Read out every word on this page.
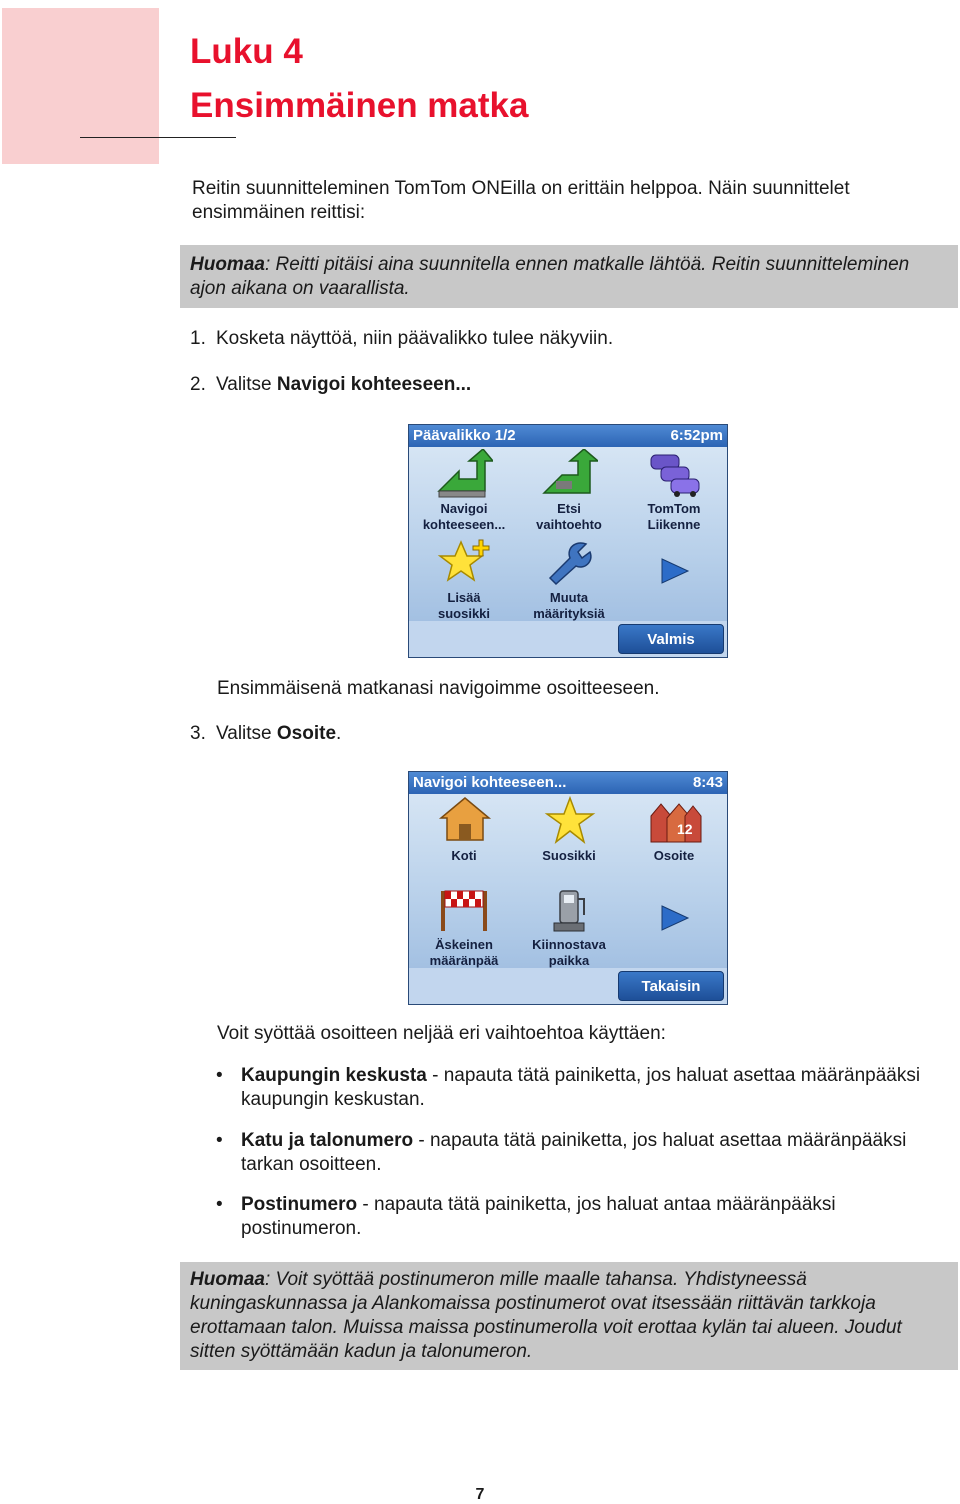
Luku 4
Ensimmäinen matka
Reitin suunnitteleminen TomTom ONEilla on erittäin helppoa. Näin suunnittelet ensimmäinen reittisi:
Huomaa: Reitti pitäisi aina suunnitella ennen matkalle lähtöä. Reitin suunnitteleminen ajon aikana on vaarallista.
1. Kosketa näyttöä, niin päävalikko tulee näkyviin.
2. Valitse Navigoi kohteeseen...
Päävalikko 1/2	6:52pm
Navigoi
kohteeseen...
Etsi
vaihtoehto
TomTom
Liikenne
Lisää
suosikki
Muuta
määrityksiä
Valmis
Ensimmäisenä matkanasi navigoimme osoitteeseen.
3. Valitse Osoite.
Navigoi kohteeseen...	8:43
Koti	Suosikki

12
Osoite

Äskeinen
määränpää
Kiinnostava
paikka
Takaisin
Voit syöttää osoitteen neljää eri vaihtoehtoa käyttäen:
• Kaupungin keskusta - napauta tätä painiketta, jos haluat asettaa määränpääksi kaupungin keskustan.
• Katu ja talonumero - napauta tätä painiketta, jos haluat asettaa määränpääksi tarkan osoitteen.
• Postinumero - napauta tätä painiketta, jos haluat antaa määränpääksi postinumeron.
Huomaa: Voit syöttää postinumeron mille maalle tahansa. Yhdistyneessä kuningaskunnassa ja Alankomaissa postinumerot ovat itsessään riittävän tarkkoja erottamaan talon. Muissa maissa postinumerolla voit erottaa kylän tai alueen. Joudut sitten syöttämään kadun ja talonumeron.
7
